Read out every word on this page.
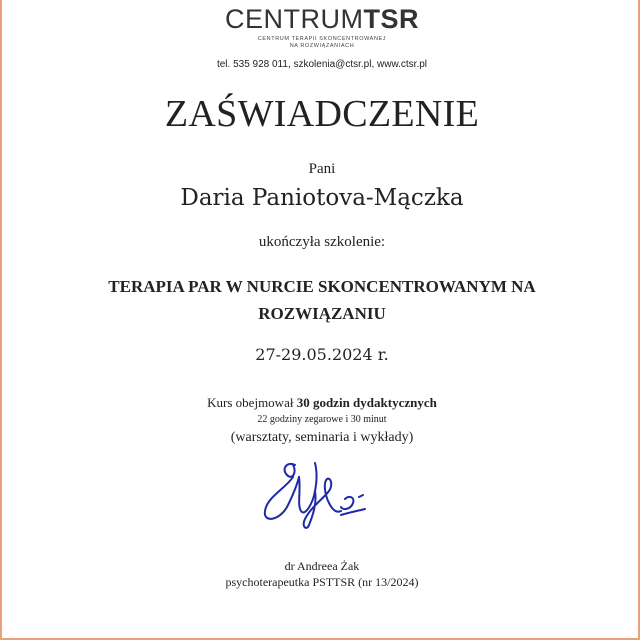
CENTRUMTSR
CENTRUM TERAPII SKONCENTROWANEJ
NA ROZWIĄZANIACH
tel. 535 928 011, szkolenia@ctsr.pl, www.ctsr.pl
ZAŚWIADCZENIE
Pani
Daria Paniotova-Mączka
ukończyła szkolenie:
TERAPIA PAR W NURCIE SKONCENTROWANYM NA
ROZWIĄZANIU
27-29.05.2024 r.
Kurs obejmował 30 godzin dydaktycznych
22 godziny zegarowe i 30 minut
(warsztaty, seminaria i wykłady)
dr Andreea Żak
psychoterapeutka PSTTSR (nr 13/2024)
